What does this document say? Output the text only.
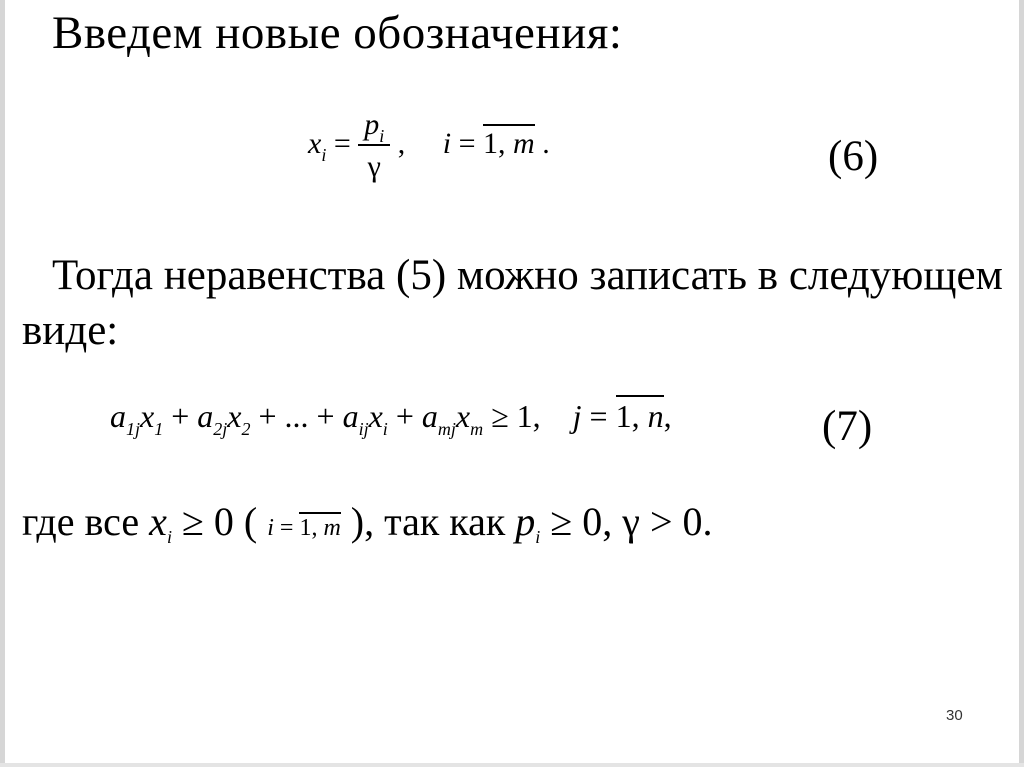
Введем новые обозначения:
$x_i = \frac{p_i}{\gamma}$ ,     i = 1, m .	(6)
Тогда неравенства (5) можно записать в следующем
виде:
$a_{1j}x_1 + a_{2j}x_2$ + ... + $a_{ij}x_i + a_{mj}x_m \ge 1$,    j = 1, n,	(7)
где все $x_i \ge 0$ ( i = 1, m ), так как $p_i \ge 0$, γ > 0.
30
